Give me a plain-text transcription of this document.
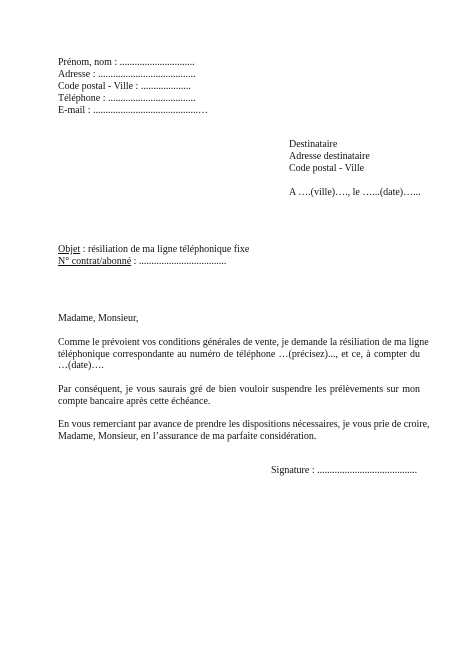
Prénom, nom : ..............................
Adresse : .......................................
Code postal - Ville : ....................
Téléphone : ...................................
E-mail : ..........................................…
Destinataire
Adresse destinataire
Code postal - Ville
A ….(ville)…., le …...(date)…...
Objet : résiliation de ma ligne téléphonique fixe
N° contrat/abonné : ...................................
Madame, Monsieur,
Comme le prévoient vos conditions générales de vente, je demande la résiliation de ma ligne
téléphonique correspondante au numéro de téléphone …(précisez)..., et ce, à compter du
…(date)….
Par conséquent, je vous saurais gré de bien vouloir suspendre les prélèvements sur mon
compte bancaire après cette échéance.
En vous remerciant par avance de prendre les dispositions nécessaires, je vous prie de croire,
Madame, Monsieur, en l’assurance de ma parfaite considération.
Signature : ........................................
